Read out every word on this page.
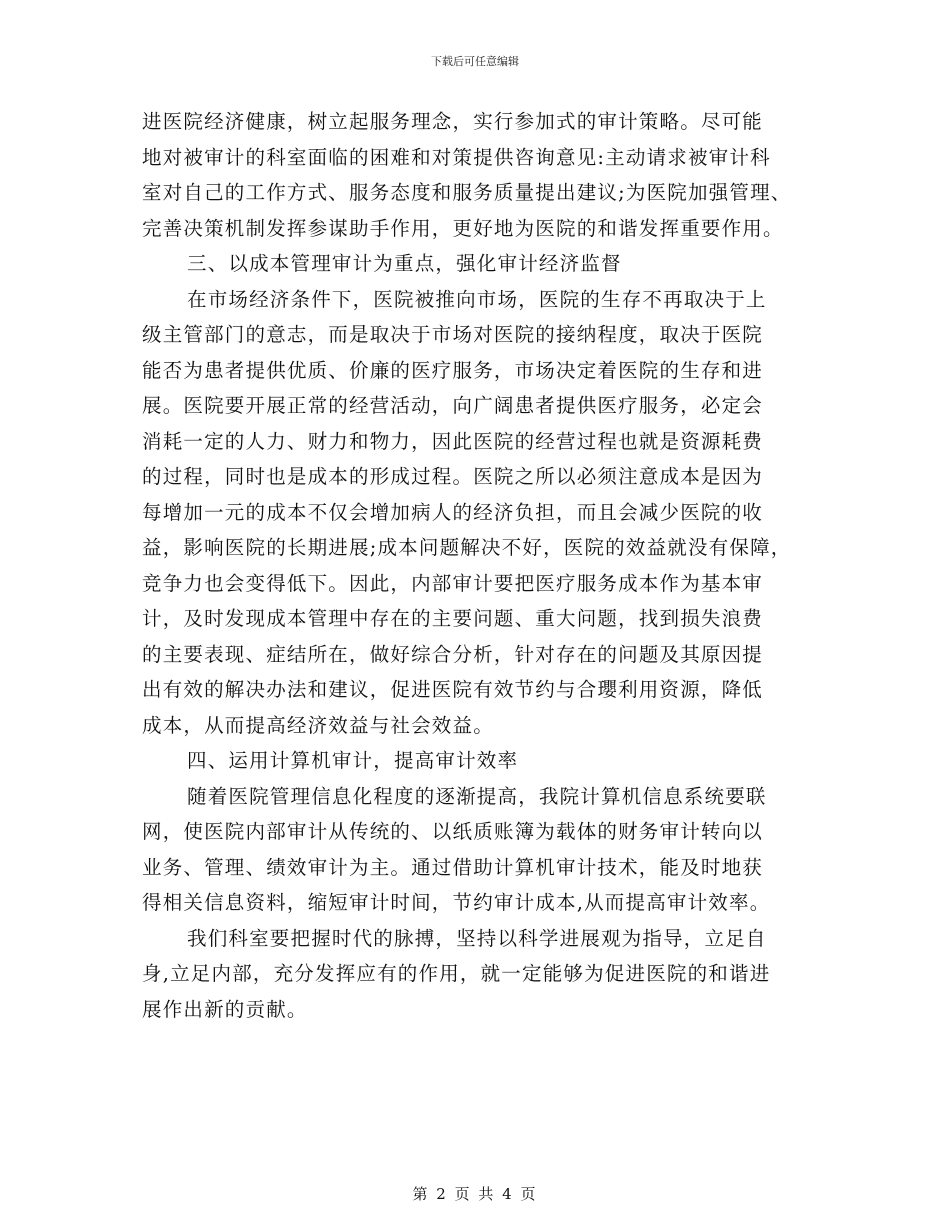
下载后可任意编辑
进医院经济健康，树立起服务理念，实行参加式的审计策略。尽可能
地对被审计的科室面临的困难和对策提供咨询意见:主动请求被审计科
室对自己的工作方式、服务态度和服务质量提出建议;为医院加强管理、
完善决策机制发挥参谋助手作用，更好地为医院的和谐发挥重要作用。
三、以成本管理审计为重点，强化审计经济监督
在市场经济条件下，医院被推向市场，医院的生存不再取决于上
级主管部门的意志，而是取决于市场对医院的接纳程度，取决于医院
能否为患者提供优质、价廉的医疗服务，市场决定着医院的生存和进
展。医院要开展正常的经营活动，向广阔患者提供医疗服务，必定会
消耗一定的人力、财力和物力，因此医院的经营过程也就是资源耗费
的过程，同时也是成本的形成过程。医院之所以必须注意成本是因为
每增加一元的成本不仅会增加病人的经济负担，而且会减少医院的收
益，影响医院的长期进展;成本问题解决不好，医院的效益就没有保障，
竞争力也会变得低下。因此，内部审计要把医疗服务成本作为基本审
计，及时发现成本管理中存在的主要问题、重大问题，找到损失浪费
的主要表现、症结所在，做好综合分析，针对存在的问题及其原因提
出有效的解决办法和建议，促进医院有效节约与合瓔利用资源，降低
成本，从而提高经济效益与社会效益。
四、运用计算机审计，提高审计效率
随着医院管理信息化程度的逐渐提高，我院计算机信息系统要联
网，使医院内部审计从传统的、以纸质账簿为载体的财务审计转向以
业务、管理、绩效审计为主。通过借助计算机审计技术，能及时地获
得相关信息资料，缩短审计时间，节约审计成本,从而提高审计效率。
我们科室要把握时代的脉搏，坚持以科学进展观为指导，立足自
身,立足内部，充分发挥应有的作用，就一定能够为促进医院的和谐进
展作出新的贡献。
第 2 页 共 4 页
